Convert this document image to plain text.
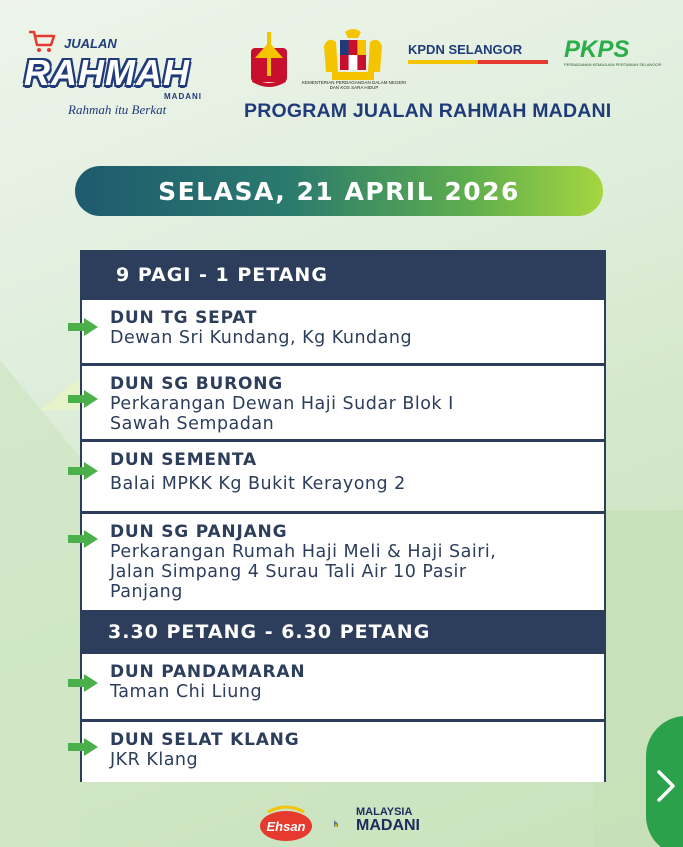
JUALAN
RAHMAH
MADANI
Rahmah itu Berkat
KEMENTERIAN PERDAGANGAN DALAM NEGERI DAN KOS SARA HIDUP
KPDN SELANGOR PKPS
PERBADANAN KEMAJUAN PERTANIAN SELANGOR
PROGRAM JUALAN RAHMAH MADANI
SELASA, 21 APRIL 2026
9 PAGI - 1 PETANG
DUN TG SEPAT
Dewan Sri Kundang, Kg Kundang
DUN SG BURONG
Perkarangan Dewan Haji Sudar Blok I
Sawah Sempadan
DUN SEMENTA
Balai MPKK Kg Bukit Kerayong 2
DUN SG PANJANG
Perkarangan Rumah Haji Meli & Haji Sairi,
Jalan Simpang 4 Surau Tali Air 10 Pasir
Panjang
3.30 PETANG - 6.30 PETANG
DUN PANDAMARAN
Taman Chi Liung
DUN SELAT KLANG
JKR Klang
Ehsan
MALAYSIA
MADANI
